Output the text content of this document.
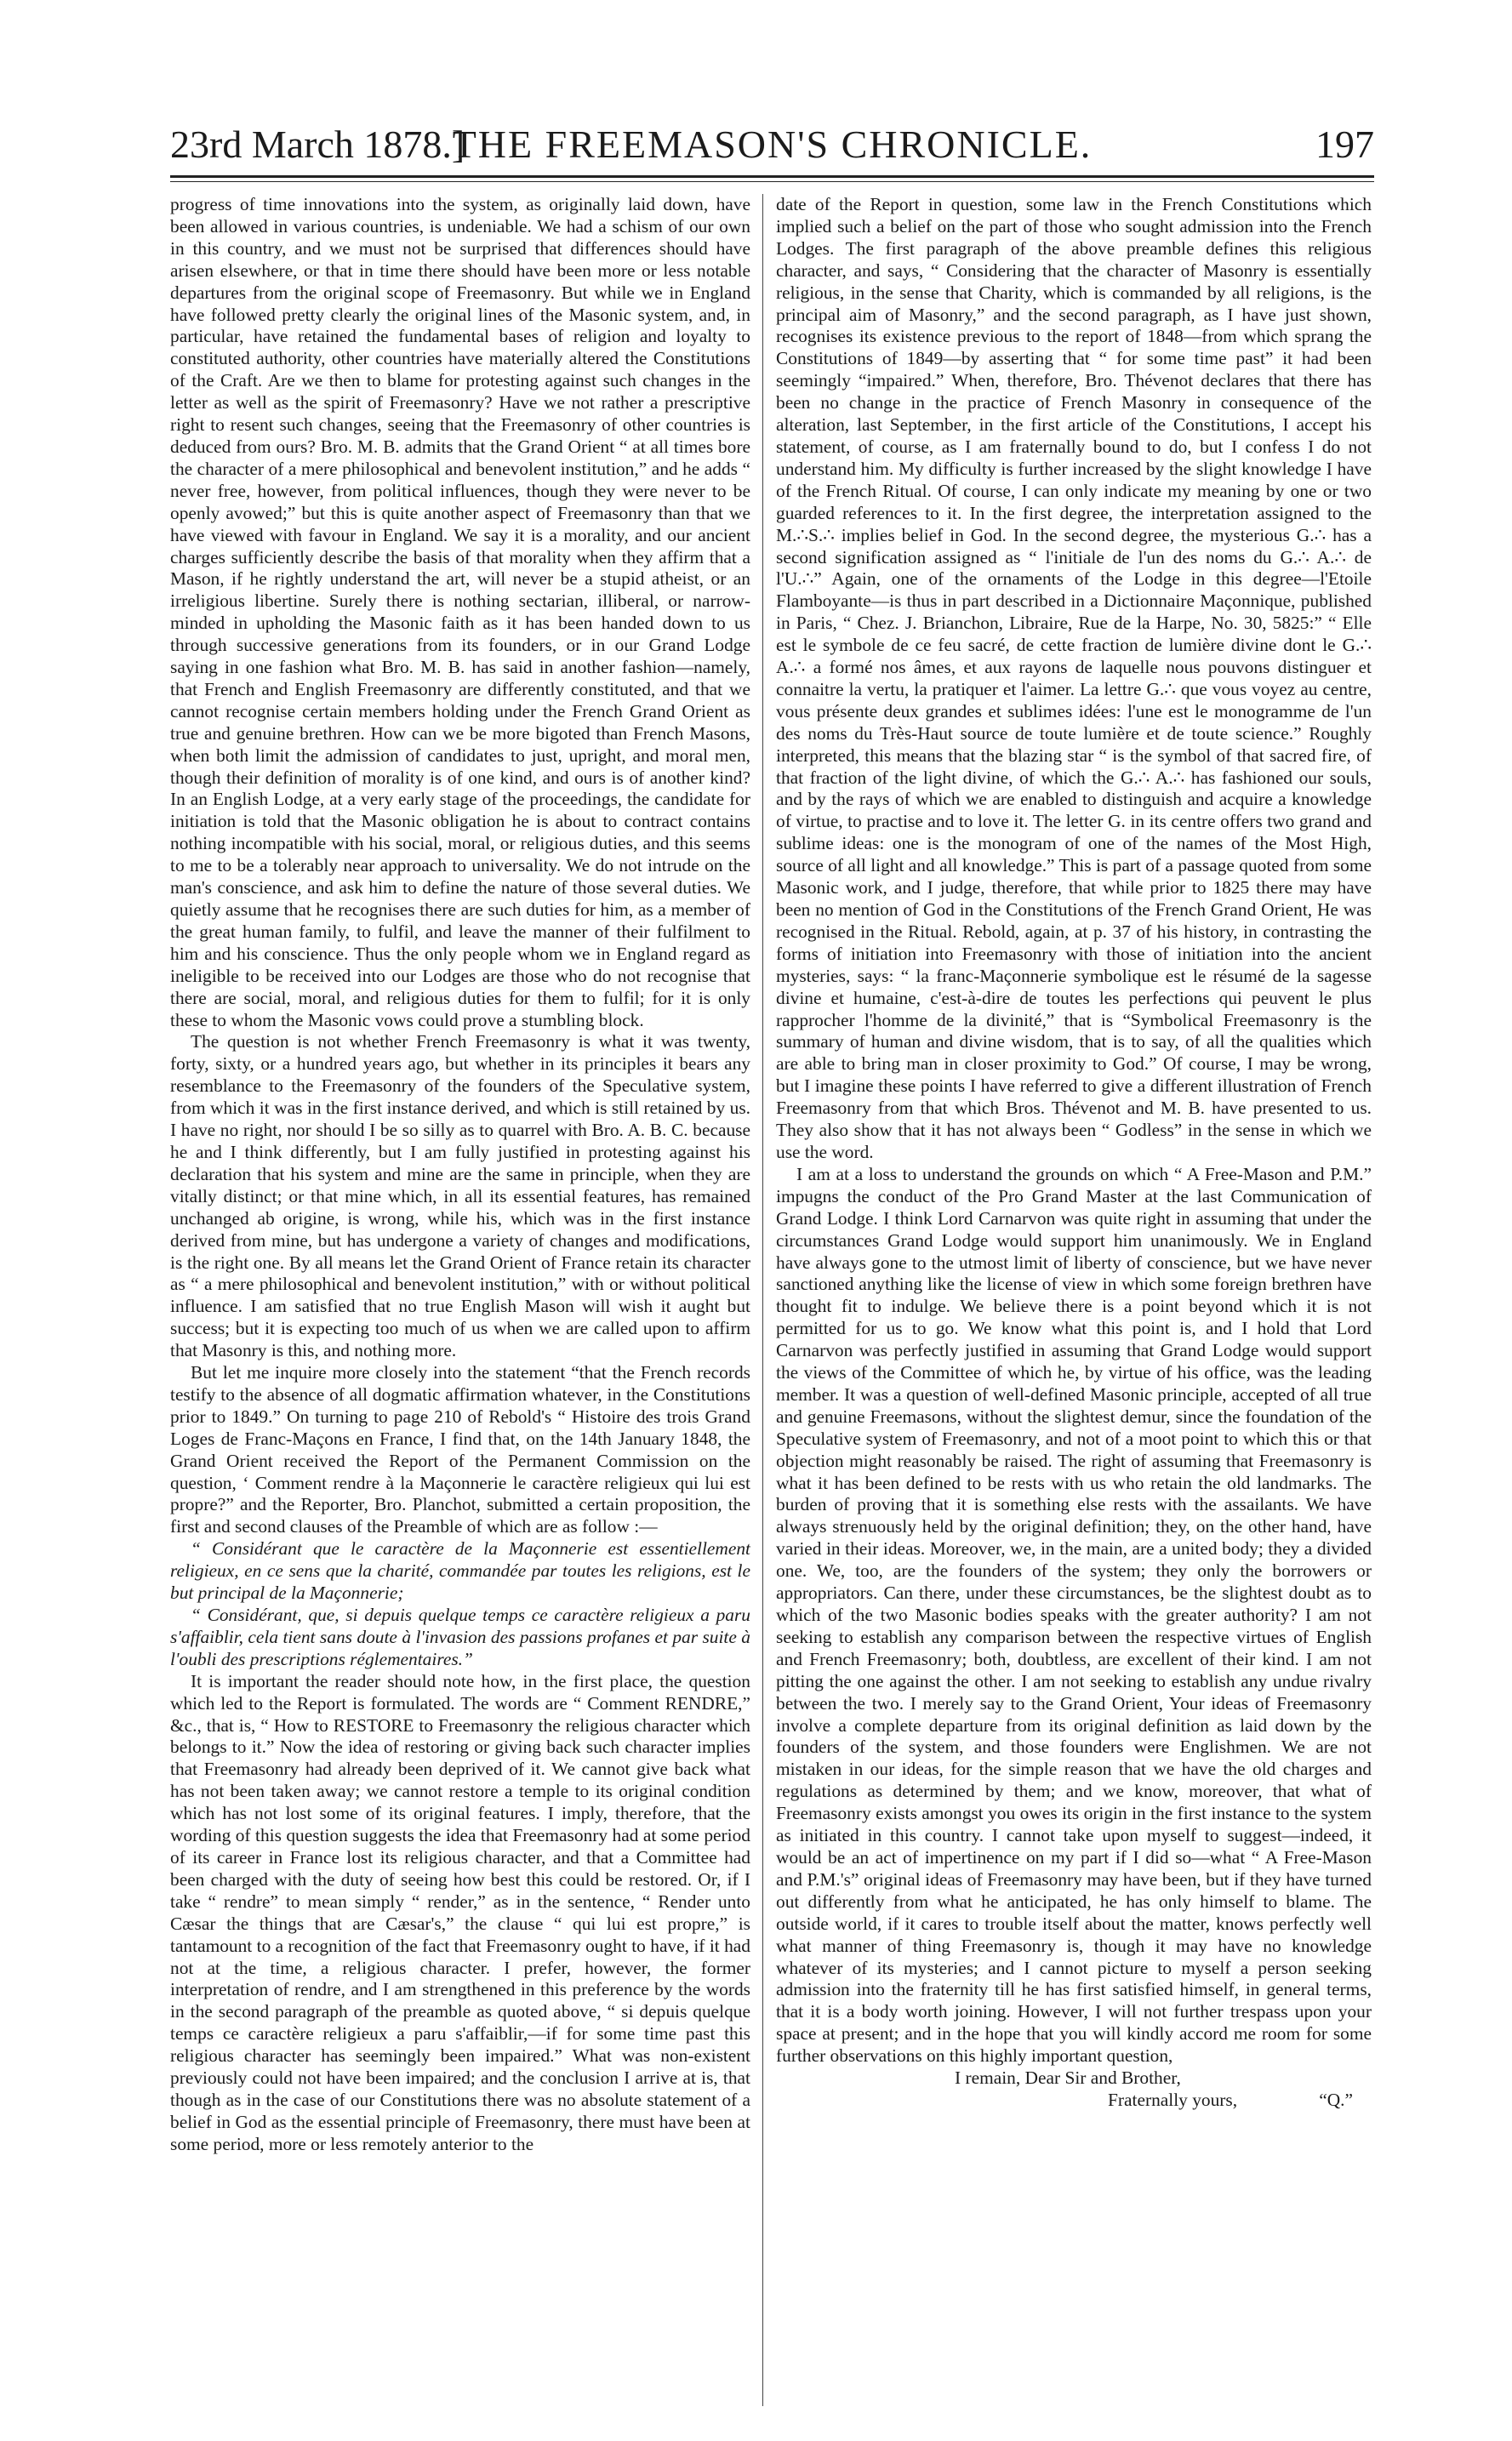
23rd March 1878.]
THE FREEMASON'S CHRONICLE.	197

progress of time innovations into the system, as originally laid down, have been allowed in various countries, is undeniable. We had a schism of our own in this country, and we must not be surprised that differences should have arisen elsewhere, or that in time there should have been more or less notable departures from the original scope of Freemasonry. But while we in England have followed pretty clearly the original lines of the Masonic system, and, in particular, have retained the fundamental bases of religion and loyalty to constituted authority, other countries have materially altered the Constitutions of the Craft. Are we then to blame for protesting against such changes in the letter as well as the spirit of Freemasonry? Have we not rather a prescriptive right to resent such changes, seeing that the Freemasonry of other countries is deduced from ours? Bro. M. B. admits that the Grand Orient “ at all times bore the character of a mere philosophical and benevolent institution,” and he adds “ never free, however, from political influences, though they were never to be openly avowed;” but this is quite another aspect of Freemasonry than that we have viewed with favour in England. We say it is a morality, and our ancient charges sufficiently describe the basis of that morality when they affirm that a Mason, if he rightly understand the art, will never be a stupid atheist, or an irreligious libertine. Surely there is nothing sectarian, illiberal, or narrow-minded in upholding the Masonic faith as it has been handed down to us through successive generations from its founders, or in our Grand Lodge saying in one fashion what Bro. M. B. has said in another fashion—namely, that French and English Freemasonry are differently constituted, and that we cannot recognise certain members holding under the French Grand Orient as true and genuine brethren. How can we be more bigoted than French Masons, when both limit the admission of candidates to just, upright, and moral men, though their definition of morality is of one kind, and ours is of another kind? In an English Lodge, at a very early stage of the proceedings, the candidate for initiation is told that the Masonic obligation he is about to contract contains nothing incompatible with his social, moral, or religious duties, and this seems to me to be a tolerably near approach to universality. We do not intrude on the man's conscience, and ask him to define the nature of those several duties. We quietly assume that he recognises there are such duties for him, as a member of the great human family, to fulfil, and leave the manner of their fulfilment to him and his conscience. Thus the only people whom we in England regard as ineligible to be received into our Lodges are those who do not recognise that there are social, moral, and religious duties for them to fulfil; for it is only these to whom the Masonic vows could prove a stumbling block.

The question is not whether French Freemasonry is what it was twenty, forty, sixty, or a hundred years ago, but whether in its principles it bears any resemblance to the Freemasonry of the founders of the Speculative system, from which it was in the first instance derived, and which is still retained by us. I have no right, nor should I be so silly as to quarrel with Bro. A. B. C. because he and I think differently, but I am fully justified in protesting against his declaration that his system and mine are the same in principle, when they are vitally distinct; or that mine which, in all its essential features, has remained unchanged ab origine, is wrong, while his, which was in the first instance derived from mine, but has undergone a variety of changes and modifications, is the right one. By all means let the Grand Orient of France retain its character as “ a mere philosophical and benevolent institution,” with or without political influence. I am satisfied that no true English Mason will wish it aught but success; but it is expecting too much of us when we are called upon to affirm that Masonry is this, and nothing more.

But let me inquire more closely into the statement “that the French records testify to the absence of all dogmatic affirmation whatever, in the Constitutions prior to 1849.” On turning to page 210 of Rebold's “ Histoire des trois Grand Loges de Franc-Maçons en France, I find that, on the 14th January 1848, the Grand Orient received the Report of the Permanent Commission on the question, ‘ Comment rendre à la Maçonnerie le caractère religieux qui lui est propre?” and the Reporter, Bro. Planchot, submitted a certain proposition, the first and second clauses of the Preamble of which are as follow :—

“ Considérant que le caractère de la Maçonnerie est essentiellement religieux, en ce sens que la charité, commandée par toutes les religions, est le but principal de la Maçonnerie;

“ Considérant, que, si depuis quelque temps ce caractère religieux a paru s'affaiblir, cela tient sans doute à l'invasion des passions profanes et par suite à l'oubli des prescriptions réglementaires.”

It is important the reader should note how, in the first place, the question which led to the Report is formulated. The words are “ Comment RENDRE,” &c., that is, “ How to RESTORE to Freemasonry the religious character which belongs to it.” Now the idea of restoring or giving back such character implies that Freemasonry had already been deprived of it. We cannot give back what has not been taken away; we cannot restore a temple to its original condition which has not lost some of its original features. I imply, therefore, that the wording of this question suggests the idea that Freemasonry had at some period of its career in France lost its religious character, and that a Committee had been charged with the duty of seeing how best this could be restored. Or, if I take “ rendre” to mean simply “ render,” as in the sentence, “ Render unto Cæsar the things that are Cæsar's,” the clause “ qui lui est propre,” is tantamount to a recognition of the fact that Freemasonry ought to have, if it had not at the time, a religious character. I prefer, however, the former interpretation of rendre, and I am strengthened in this preference by the words in the second paragraph of the preamble as quoted above, “ si depuis quelque temps ce caractère religieux a paru s'affaiblir,—if for some time past this religious character has seemingly been impaired.” What was non-existent previously could not have been impaired; and the conclusion I arrive at is, that though as in the case of our Constitutions there was no absolute statement of a belief in God as the essential principle of Freemasonry, there must have been at some period, more or less remotely anterior to the

date of the Report in question, some law in the French Constitutions which implied such a belief on the part of those who sought admission into the French Lodges. The first paragraph of the above preamble defines this religious character, and says, “ Considering that the character of Masonry is essentially religious, in the sense that Charity, which is commanded by all religions, is the principal aim of Masonry,” and the second paragraph, as I have just shown, recognises its existence previous to the report of 1848—from which sprang the Constitutions of 1849—by asserting that “ for some time past” it had been seemingly “impaired.” When, therefore, Bro. Thévenot declares that there has been no change in the practice of French Masonry in consequence of the alteration, last September, in the first article of the Constitutions, I accept his statement, of course, as I am fraternally bound to do, but I confess I do not understand him. My difficulty is further increased by the slight knowledge I have of the French Ritual. Of course, I can only indicate my meaning by one or two guarded references to it. In the first degree, the interpretation assigned to the M.∴S.∴ implies belief in God. In the second degree, the mysterious G.∴ has a second signification assigned as “ l'initiale de l'un des noms du G.∴ A.∴ de l'U.∴” Again, one of the ornaments of the Lodge in this degree—l'Etoile Flamboyante—is thus in part described in a Dictionnaire Maçonnique, published in Paris, “ Chez. J. Brianchon, Libraire, Rue de la Harpe, No. 30, 5825:” “ Elle est le symbole de ce feu sacré, de cette fraction de lumière divine dont le G.∴ A.∴ a formé nos âmes, et aux rayons de laquelle nous pouvons distinguer et connaitre la vertu, la pratiquer et l'aimer. La lettre G.∴ que vous voyez au centre, vous présente deux grandes et sublimes idées: l'une est le monogramme de l'un des noms du Très-Haut source de toute lumière et de toute science.” Roughly interpreted, this means that the blazing star “ is the symbol of that sacred fire, of that fraction of the light divine, of which the G.∴ A.∴ has fashioned our souls, and by the rays of which we are enabled to distinguish and acquire a knowledge of virtue, to practise and to love it. The letter G. in its centre offers two grand and sublime ideas: one is the monogram of one of the names of the Most High, source of all light and all knowledge.” This is part of a passage quoted from some Masonic work, and I judge, therefore, that while prior to 1825 there may have been no mention of God in the Constitutions of the French Grand Orient, He was recognised in the Ritual. Rebold, again, at p. 37 of his history, in contrasting the forms of initiation into Freemasonry with those of initiation into the ancient mysteries, says: “ la franc-Maçonnerie symbolique est le résumé de la sagesse divine et humaine, c'est-à-dire de toutes les perfections qui peuvent le plus rapprocher l'homme de la divinité,” that is “Symbolical Freemasonry is the summary of human and divine wisdom, that is to say, of all the qualities which are able to bring man in closer proximity to God.” Of course, I may be wrong, but I imagine these points I have referred to give a different illustration of French Freemasonry from that which Bros. Thévenot and M. B. have presented to us. They also show that it has not always been “ Godless” in the sense in which we use the word.

I am at a loss to understand the grounds on which “ A Free-Mason and P.M.” impugns the conduct of the Pro Grand Master at the last Communication of Grand Lodge. I think Lord Carnarvon was quite right in assuming that under the circumstances Grand Lodge would support him unanimously. We in England have always gone to the utmost limit of liberty of conscience, but we have never sanctioned anything like the license of view in which some foreign brethren have thought fit to indulge. We believe there is a point beyond which it is not permitted for us to go. We know what this point is, and I hold that Lord Carnarvon was perfectly justified in assuming that Grand Lodge would support the views of the Committee of which he, by virtue of his office, was the leading member. It was a question of well-defined Masonic principle, accepted of all true and genuine Freemasons, without the slightest demur, since the foundation of the Speculative system of Freemasonry, and not of a moot point to which this or that objection might reasonably be raised. The right of assuming that Freemasonry is what it has been defined to be rests with us who retain the old landmarks. The burden of proving that it is something else rests with the assailants. We have always strenuously held by the original definition; they, on the other hand, have varied in their ideas. Moreover, we, in the main, are a united body; they a divided one. We, too, are the founders of the system; they only the borrowers or appropriators. Can there, under these circumstances, be the slightest doubt as to which of the two Masonic bodies speaks with the greater authority? I am not seeking to establish any comparison between the respective virtues of English and French Freemasonry; both, doubtless, are excellent of their kind. I am not pitting the one against the other. I am not seeking to establish any undue rivalry between the two. I merely say to the Grand Orient, Your ideas of Freemasonry involve a complete departure from its original definition as laid down by the founders of the system, and those founders were Englishmen. We are not mistaken in our ideas, for the simple reason that we have the old charges and regulations as determined by them; and we know, moreover, that what of Freemasonry exists amongst you owes its origin in the first instance to the system as initiated in this country. I cannot take upon myself to suggest—indeed, it would be an act of impertinence on my part if I did so—what “ A Free-Mason and P.M.'s” original ideas of Freemasonry may have been, but if they have turned out differently from what he anticipated, he has only himself to blame. The outside world, if it cares to trouble itself about the matter, knows perfectly well what manner of thing Freemasonry is, though it may have no knowledge whatever of its mysteries; and I cannot picture to myself a person seeking admission into the fraternity till he has first satisfied himself, in general terms, that it is a body worth joining. However, I will not further trespass upon your space at present; and in the hope that you will kindly accord me room for some further observations on this highly important question,

I remain, Dear Sir and Brother,
Fraternally yours,	“Q.”
